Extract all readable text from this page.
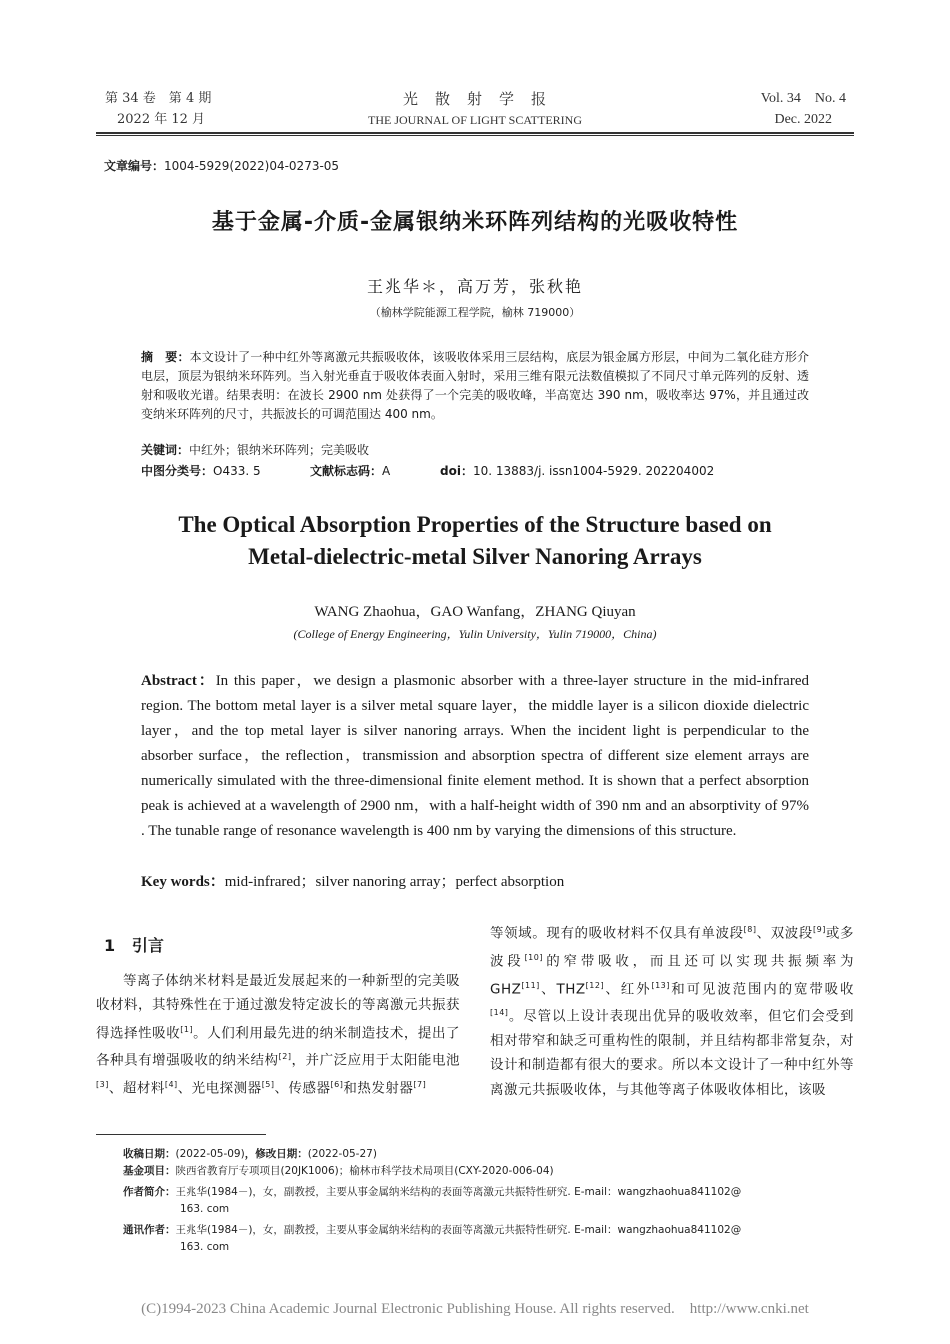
第 34 卷　第 4 期
2022 年 12 月
光　散　射　学　报
THE JOURNAL OF LIGHT SCATTERING
Vol. 34　No. 4
Dec. 2022
文章编号：1004-5929(2022)04-0273-05
基于金属-介质-金属银纳米环阵列结构的光吸收特性
王兆华＊，高万芳，张秋艳
（榆林学院能源工程学院，榆林 719000）
摘　要：本文设计了一种中红外等离激元共振吸收体，该吸收体采用三层结构，底层为银金属方形层，中间为二氧化硅方形介电层，顶层为银纳米环阵列。当入射光垂直于吸收体表面入射时，采用三维有限元法数值模拟了不同尺寸单元阵列的反射、透射和吸收光谱。结果表明：在波长 2900 nm 处获得了一个完美的吸收峰，半高宽达 390 nm，吸收率达 97%，并且通过改变纳米环阵列的尺寸，共振波长的可调范围达 400 nm。
关键词：中红外；银纳米环阵列；完美吸收
中图分类号：O433. 5	文献标志码：A	doi：10. 13883/j. issn1004-5929. 202204002
The Optical Absorption Properties of the Structure based on
Metal-dielectric-metal Silver Nanoring Arrays
WANG Zhaohua，GAO Wanfang，ZHANG Qiuyan
(College of Energy Engineering，Yulin University，Yulin 719000，China)
Abstract：In this paper，we design a plasmonic absorber with a three-layer structure in the mid-infrared region. The bottom metal layer is a silver metal square layer，the middle layer is a silicon dioxide dielectric layer，and the top metal layer is silver nanoring arrays. When the incident light is perpendicular to the absorber surface，the reflection，transmission and absorption spectra of different size element arrays are numerically simulated with the three-dimensional finite element method. It is shown that a perfect absorption peak is achieved at a wavelength of 2900 nm，with a half-height width of 390 nm and an absorptivity of 97% . The tunable range of resonance wavelength is 400 nm by varying the dimensions of this structure.
Key words：mid-infrared；silver nanoring array；perfect absorption
1 引言
等离子体纳米材料是最近发展起来的一种新型的完美吸收材料，其特殊性在于通过激发特定波长的等离激元共振获得选择性吸收[1]。人们利用最先进的纳米制造技术，提出了各种具有增强吸收的纳米结构[2]，并广泛应用于太阳能电池[3]、超材料[4]、光电探测器[5]、传感器[6]和热发射器[7]
等领域。现有的吸收材料不仅具有单波段[8]、双波段[9]或多波段[10]的窄带吸收，而且还可以实现共振频率为 GHZ[11]、THZ[12]、红外[13]和可见波范围内的宽带吸收[14]。尽管以上设计表现出优异的吸收效率，但它们会受到相对带窄和缺乏可重构性的限制，并且结构都非常复杂，对设计和制造都有很大的要求。所以本文设计了一种中红外等离激元共振吸收体，与其他等离子体吸收体相比，该吸
收稿日期：(2022-05-09)，修改日期：(2022-05-27)
基金项目：陕西省教育厅专项项目(20JK1006)；榆林市科学技术局项目(CXY-2020-006-04)
作者简介：王兆华(1984－)，女，副教授，主要从事金属纳米结构的表面等离激元共振特性研究. E-mail：wangzhaohua841102@
163. com
通讯作者：王兆华(1984－)，女，副教授，主要从事金属纳米结构的表面等离激元共振特性研究. E-mail：wangzhaohua841102@
163. com
(C)1994-2023 China Academic Journal Electronic Publishing House. All rights reserved.　http://www.cnki.net
